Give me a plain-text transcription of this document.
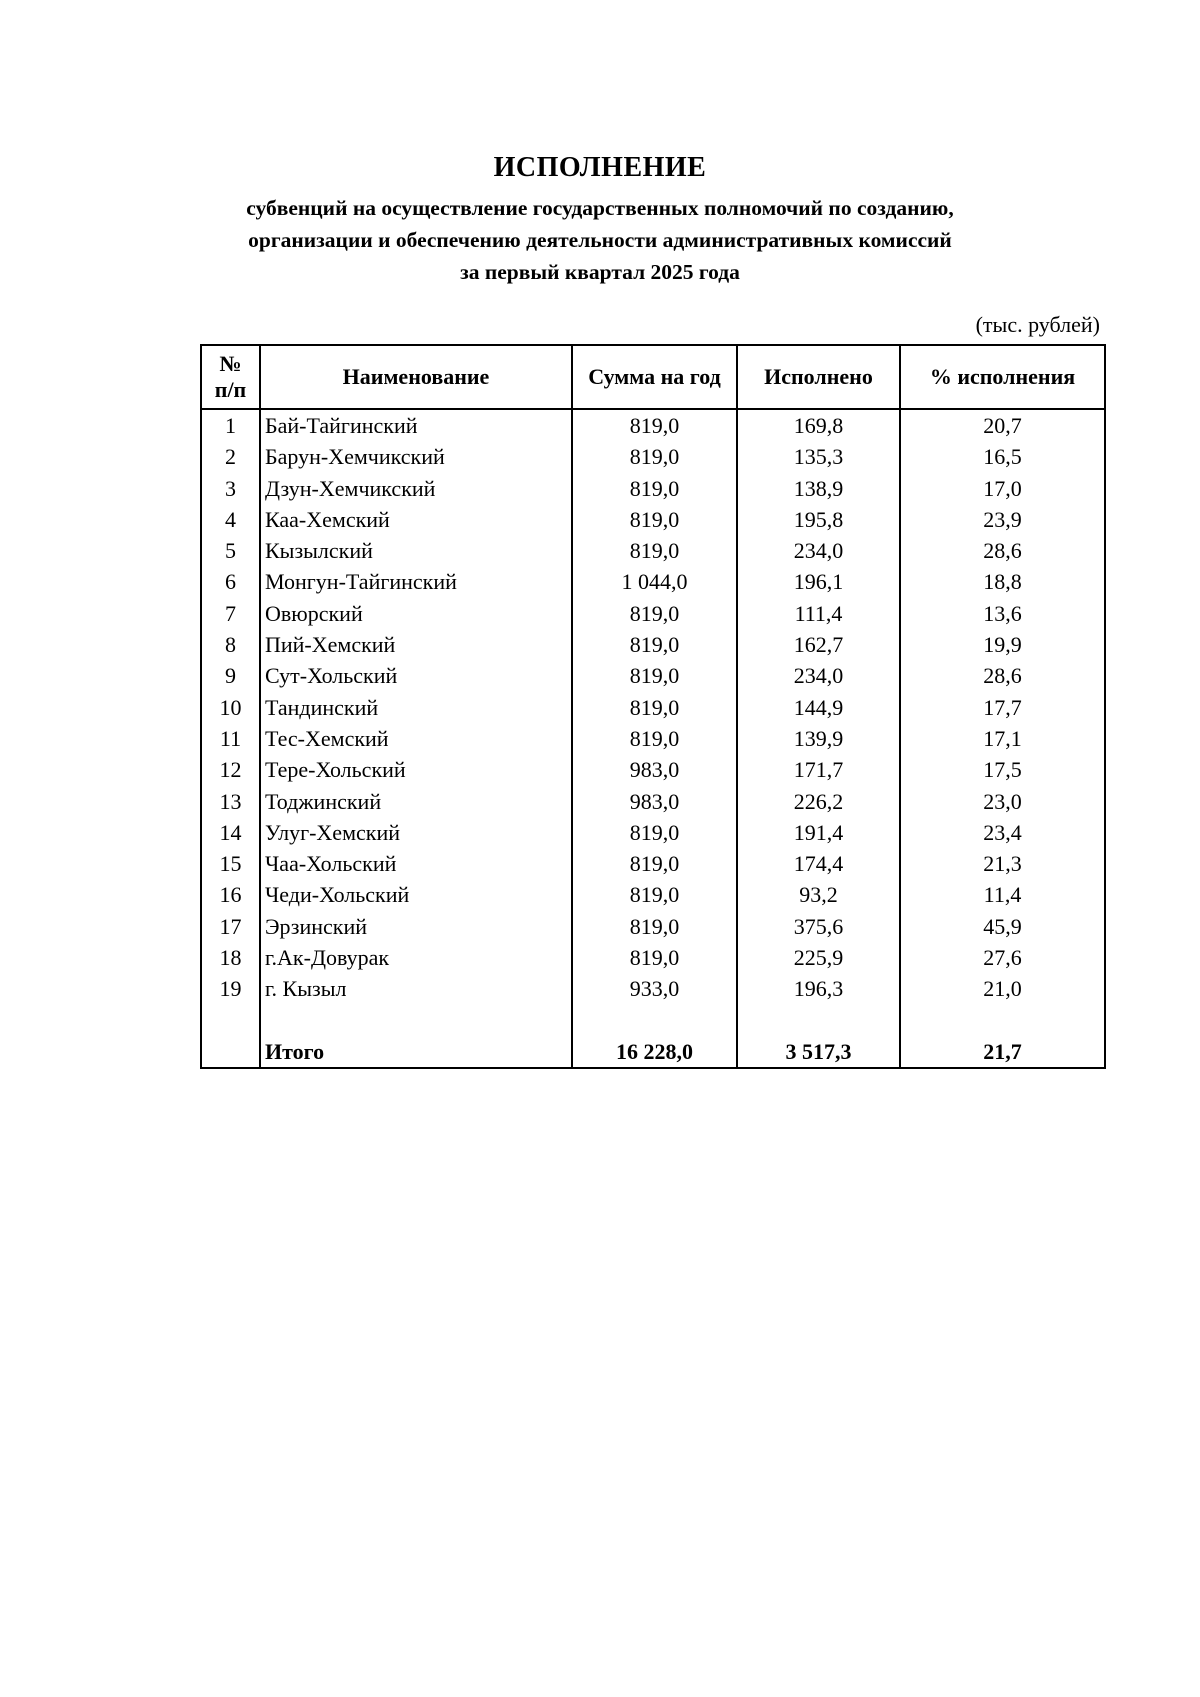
ИСПОЛНЕНИЕ
субвенций на осуществление государственных полномочий по созданию,
организации и обеспечению деятельности административных комиссий
за первый квартал 2025 года
(тыс. рублей)
№
п/п	Наименование	Сумма на год	Исполнено	% исполнения
1	Бай-Тайгинский	819,0	169,8	20,7
2	Барун-Хемчикский	819,0	135,3	16,5
3	Дзун-Хемчикский	819,0	138,9	17,0
4	Каа-Хемский	819,0	195,8	23,9
5	Кызылский	819,0	234,0	28,6
6	Монгун-Тайгинский	1 044,0	196,1	18,8
7	Овюрский	819,0	111,4	13,6
8	Пий-Хемский	819,0	162,7	19,9
9	Сут-Хольский	819,0	234,0	28,6
10	Тандинский	819,0	144,9	17,7
11	Тес-Хемский	819,0	139,9	17,1
12	Тере-Хольский	983,0	171,7	17,5
13	Тоджинский	983,0	226,2	23,0
14	Улуг-Хемский	819,0	191,4	23,4
15	Чаа-Хольский	819,0	174,4	21,3
16	Чеди-Хольский	819,0	93,2	11,4
17	Эрзинский	819,0	375,6	45,9
18	г.Ак-Довурак	819,0	225,9	27,6
19	г. Кызыл	933,0	196,3	21,0

	Итого	16 228,0	3 517,3	21,7
